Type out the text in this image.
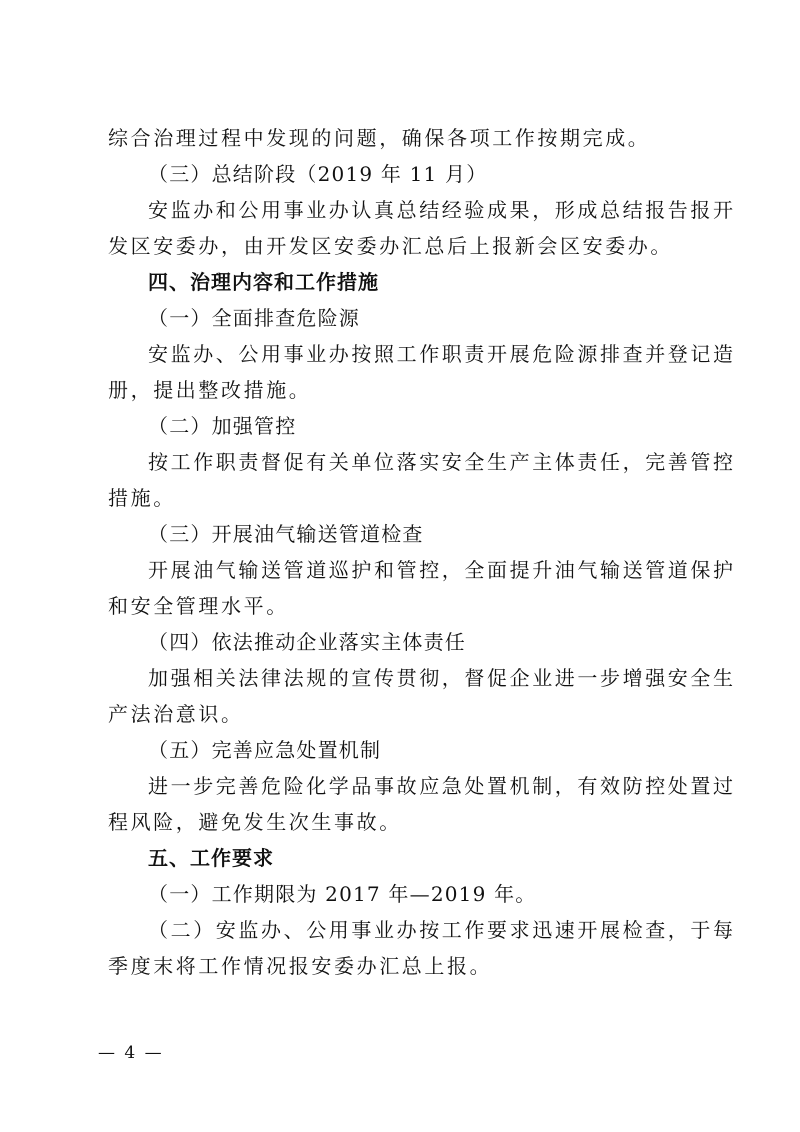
综合治理过程中发现的问题，确保各项工作按期完成。
（三）总结阶段（2019 年 11 月）
安监办和公用事业办认真总结经验成果，形成总结报告报开
发区安委办，由开发区安委办汇总后上报新会区安委办。
四、治理内容和工作措施
（一）全面排查危险源
安监办、公用事业办按照工作职责开展危险源排查并登记造
册，提出整改措施。
（二）加强管控
按工作职责督促有关单位落实安全生产主体责任，完善管控
措施。
（三）开展油气输送管道检查
开展油气输送管道巡护和管控，全面提升油气输送管道保护
和安全管理水平。
（四）依法推动企业落实主体责任
加强相关法律法规的宣传贯彻，督促企业进一步增强安全生
产法治意识。
（五）完善应急处置机制
进一步完善危险化学品事故应急处置机制，有效防控处置过
程风险，避免发生次生事故。
五、工作要求
（一）工作期限为 2017 年—2019 年。
（二）安监办、公用事业办按工作要求迅速开展检查，于每
季度末将工作情况报安委办汇总上报。
— 4 —
